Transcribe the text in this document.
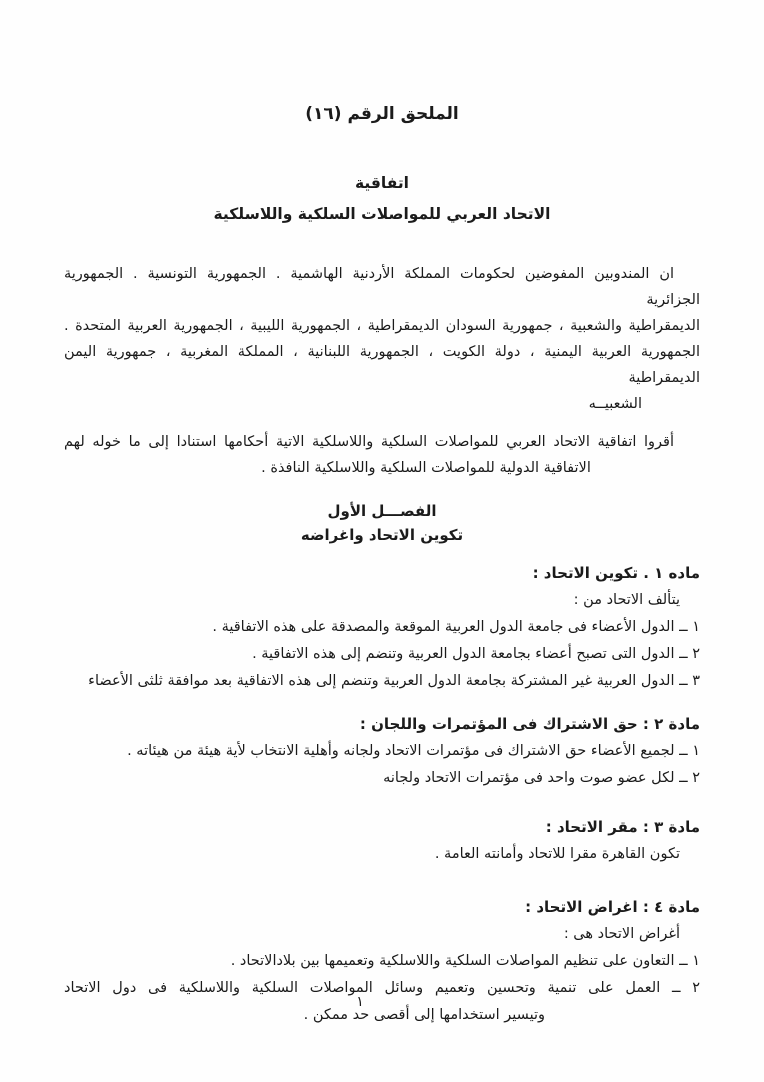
الملحق الرقم (١٦)
اتفاقية
الاتحاد العربي للمواصلات السلكية واللاسلكية
ان المندوبين المفوضين لحكومات المملكة الأردنية الهاشمية . الجمهورية التونسية . الجمهورية الجزائرية
الديمقراطية والشعبية ، جمهورية السودان الديمقراطية ، الجمهورية الليبية ، الجمهورية العربية المتحدة .
الجمهورية العربية اليمنية ، دولة الكويت ، الجمهورية اللبنانية ، المملكة المغربية ، جمهورية اليمن الديمقراطية
الشعبيــه
أقروا اتفاقية الاتحاد العربي للمواصلات السلكية واللاسلكية الاتية أحكامها استنادا إلى ما خوله لهم
الاتفاقية الدولية للمواصلات السلكية واللاسلكية النافذة .
الفصـــل الأول
تكوين الاتحاد واغراضه
ماده ١ . تكوين الاتحاد :
يتألف الاتحاد من :
١ ــ الدول الأعضاء فى جامعة الدول العربية الموقعة والمصدقة على هذه الاتفاقية .
٢ ــ الدول التى تصبح أعضاء بجامعة الدول العربية وتنضم إلى هذه الاتفاقية .
٣ ــ الدول العربية غير المشتركة بجامعة الدول العربية وتنضم إلى هذه الاتفاقية بعد موافقة ثلثى الأعضاء
مادة ٢ : حق الاشتراك فى المؤتمرات واللجان :
١ ــ لجميع الأعضاء حق الاشتراك فى مؤتمرات الاتحاد ولجانه وأهلية الانتخاب لأية هيئة من هيئاته .
٢ ــ لكل عضو صوت واحد فى مؤتمرات الاتحاد ولجانه
مادة ٣ : مقر الاتحاد :
تكون القاهرة مقرا للاتحاد وأمانته العامة .
مادة ٤ : اغراض الاتحاد :
أغراض الاتحاد هى :
١ ــ التعاون على تنظيم المواصلات السلكية واللاسلكية وتعميمها بين بلادالاتحاد .
٢ ــ العمل على تنمية وتحسين وتعميم وسائل المواصلات السلكية واللاسلكية فى دول الاتحاد
وتيسير استخدامها إلى أقصى حد ممكن .
١
